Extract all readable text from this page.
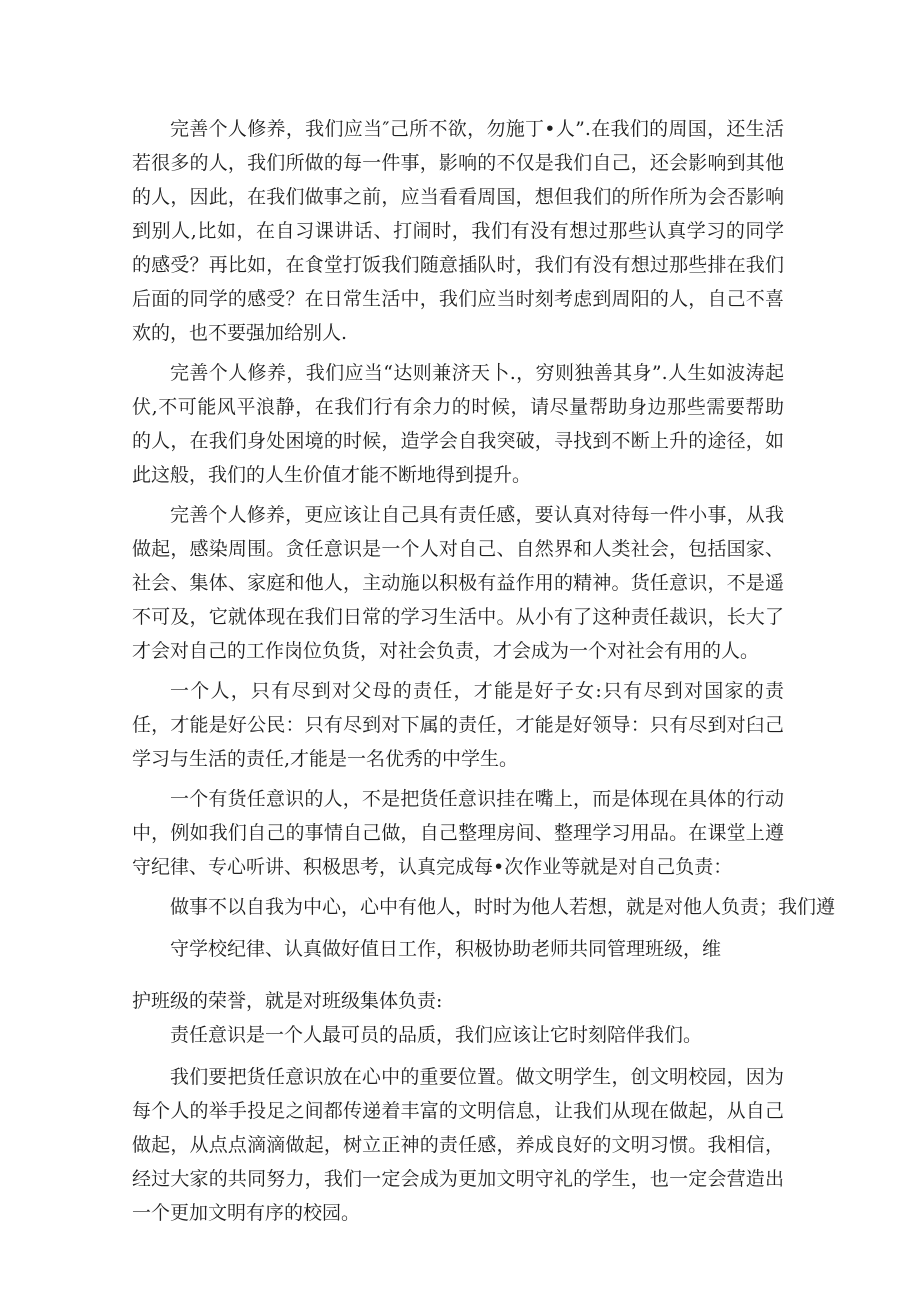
完善个人修养，我们应当″己所不欲，勿施丁•人”.在我们的周国，还生活若很多的人，我们所做的每一件事，影响的不仅是我们自己，还会影响到其他的人，因此，在我们做事之前，应当看看周国，想但我们的所作所为会否影响到别人,比如，在自习课讲话、打闹时，我们有没有想过那些认真学习的同学的感受？再比如，在食堂打饭我们随意插队时，我们有没有想过那些排在我们后面的同学的感受？在日常生活中，我们应当时刻考虑到周阳的人，自己不喜欢的，也不要强加给别人.

完善个人修养，我们应当“达则兼济天卜.，穷则独善其身”.人生如波涛起伏,不可能风平浪静，在我们行有余力的时候，请尽量帮助身边那些需要帮助的人，在我们身处困境的时候，造学会自我突破，寻找到不断上升的途径，如此这般，我们的人生价值才能不断地得到提升。

完善个人修养，更应该让自己具有责任感，要认真对待每一件小事，从我做起，感染周围。贪任意识是一个人对自己、自然界和人类社会，包括国家、社会、集体、家庭和他人，主动施以积极有益作用的精神。货任意识，不是遥不可及，它就体现在我们日常的学习生活中。从小有了这种责任裁识，长大了才会对自己的工作岗位负货，对社会负责，才会成为一个对社会有用的人。

一个人，只有尽到对父母的责任，才能是好子女:只有尽到对国家的责任，才能是好公民：只有尽到对下属的责任，才能是好领导：只有尽到对臼己学习与生活的责任,才能是一名优秀的中学生。

一个有货任意识的人，不是把货任意识挂在嘴上，而是体现在具体的行动中，例如我们自己的事情自己做，自己整理房间、整理学习用品。在课堂上遵守纪律、专心听讲、积极思考，认真完成每•次作业等就是对自己负责：

做事不以自我为中心，心中有他人，时时为他人若想，就是对他人负责；我们遵

守学校纪律、认真做好值日工作，积极协助老师共同管理班级，维

护班级的荣誉，就是对班级集体负责:

责任意识是一个人最可员的品质，我们应该让它时刻陪伴我们。

我们要把货任意识放在心中的重要位置。做文明学生，创文明校园，因为每个人的举手投足之间都传递着丰富的文明信息，让我们从现在做起，从自己做起，从点点滴滴做起，树立正神的责任感，养成良好的文明习惯。我相信，经过大家的共同努力，我们一定会成为更加文明守礼的学生，也一定会营造出一个更加文明有序的校园。
